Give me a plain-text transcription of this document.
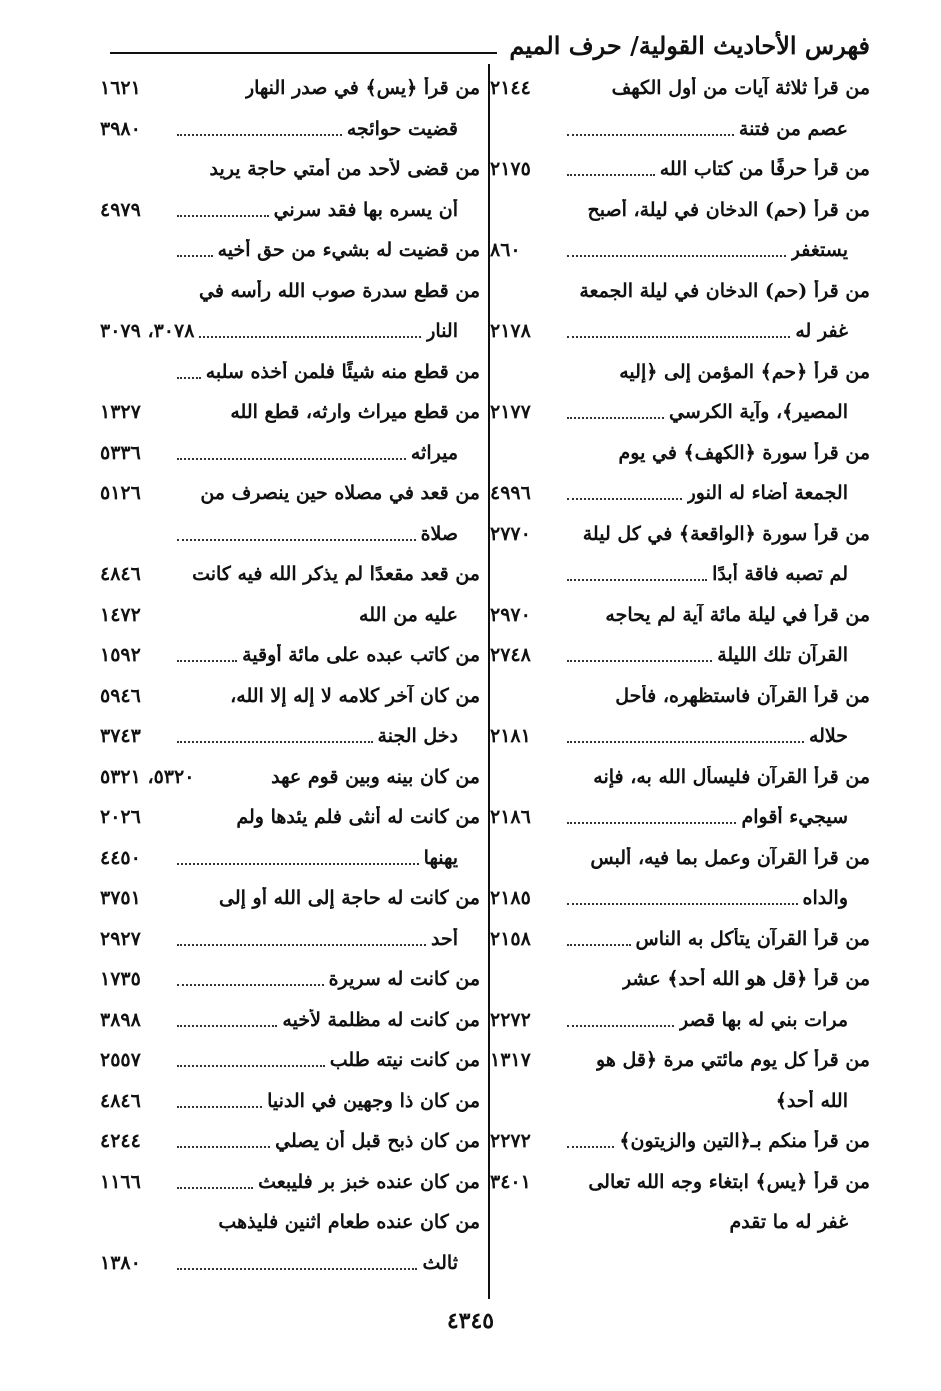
فهرس الأحاديث القولية/ حرف الميم
من قرأ ثلاثة آيات من أول الكهف
٢١٤٤
عصم من فتنة
من قرأ حرفًا من كتاب الله
٢١٧٥
من قرأ (حم) الدخان في ليلة، أصبح
يستغفر
٨٦٠
من قرأ (حم) الدخان في ليلة الجمعة
غفر له
٢١٧٨
من قرأ ﴿حم﴾ المؤمن إلى ﴿إليه
المصير﴾، وآية الكرسي
٢١٧٧
من قرأ سورة ﴿الكهف﴾ في يوم
الجمعة أضاء له النور
٤٩٩٦
من قرأ سورة ﴿الواقعة﴾ في كل ليلة
٢٧٧٠
لم تصبه فاقة أبدًا
من قرأ في ليلة مائة آية لم يحاجه
٢٩٧٠
القرآن تلك الليلة
٢٧٤٨
من قرأ القرآن فاستظهره، فأحل
حلاله
٢١٨١
من قرأ القرآن فليسأل الله به، فإنه
سيجيء أقوام
٢١٨٦
من قرأ القرآن وعمل بما فيه، ألبس
والداه
٢١٨٥
من قرأ القرآن يتأكل به الناس
٢١٥٨
من قرأ ﴿قل هو الله أحد﴾ عشر
مرات بني له بها قصر
٢٢٧٢
من قرأ كل يوم مائتي مرة ﴿قل هو
١٣١٧
الله أحد﴾
من قرأ منكم بـ﴿التين والزيتون﴾
٢٢٧٢
من قرأ ﴿يس﴾ ابتغاء وجه الله تعالى
٣٤٠١
غفر له ما تقدم
من قرأ ﴿يس﴾ في صدر النهار
١٦٢١
قضيت حوائجه
٣٩٨٠
من قضى لأحد من أمتي حاجة يريد
أن يسره بها فقد سرني
٤٩٧٩
من قضيت له بشيء من حق أخيه
من قطع سدرة صوب الله رأسه في
النار
٣٠٧٨، ٣٠٧٩
من قطع منه شيئًا فلمن أخذه سلبه
من قطع ميراث وارثه، قطع الله
١٣٢٧
ميراثه
٥٣٣٦
من قعد في مصلاه حين ينصرف من
٥١٢٦
صلاة
من قعد مقعدًا لم يذكر الله فيه كانت
٤٨٤٦
عليه من الله
١٤٧٢
من كاتب عبده على مائة أوقية
١٥٩٢
من كان آخر كلامه لا إله إلا الله،
٥٩٤٦
دخل الجنة
٣٧٤٣
من كان بينه وبين قوم عهد
٥٣٢٠، ٥٣٢١
من كانت له أنثى فلم يئدها ولم
٢٠٢٦
يهنها
٤٤٥٠
من كانت له حاجة إلى الله أو إلى
٣٧٥١
أحد
٢٩٢٧
من كانت له سريرة
١٧٣٥
من كانت له مظلمة لأخيه
٣٨٩٨
من كانت نيته طلب
٢٥٥٧
من كان ذا وجهين في الدنيا
٤٨٤٦
من كان ذبح قبل أن يصلي
٤٢٤٤
من كان عنده خبز بر فليبعث
١١٦٦
من كان عنده طعام اثنين فليذهب
ثالث
١٣٨٠
٤٣٤٥
